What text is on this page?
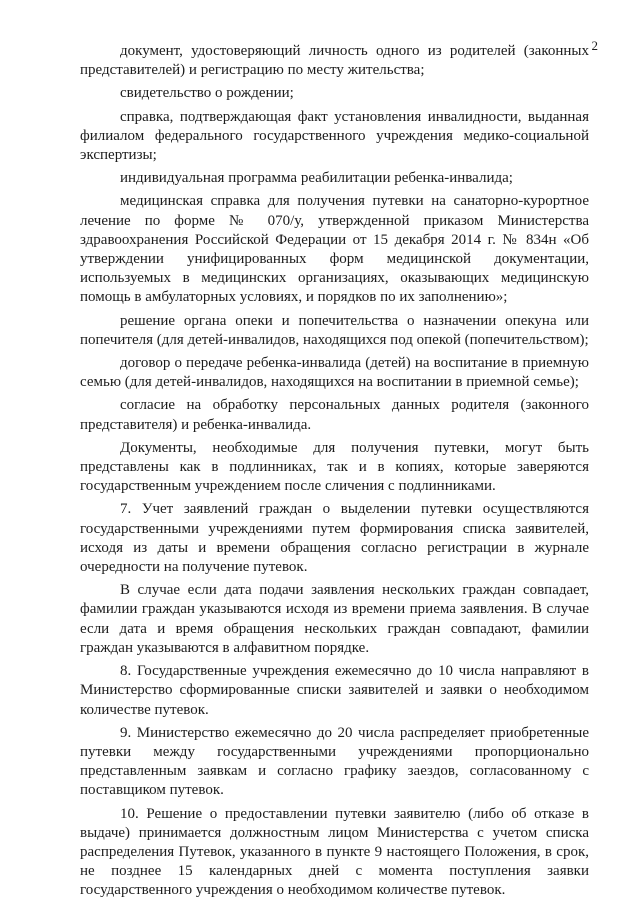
2

документ, удостоверяющий личность одного из родителей (законных представителей) и регистрацию по месту жительства;

свидетельство о рождении;

справка, подтверждающая факт установления инвалидности, выданная филиалом федерального государственного учреждения медико-социальной экспертизы;

индивидуальная программа реабилитации ребенка-инвалида;

медицинская справка для получения путевки на санаторно-курортное лечение по форме № 070/у, утвержденной приказом Министерства здравоохранения Российской Федерации от 15 декабря 2014 г. № 834н «Об утверждении унифицированных форм медицинской документации, используемых в медицинских организациях, оказывающих медицинскую помощь в амбулаторных условиях, и порядков по их заполнению»;

решение органа опеки и попечительства о назначении опекуна или попечителя (для детей-инвалидов, находящихся под опекой (попечительством);

договор о передаче ребенка-инвалида (детей) на воспитание в приемную семью (для детей-инвалидов, находящихся на воспитании в приемной семье);

согласие на обработку персональных данных родителя (законного представителя) и ребенка-инвалида.

Документы, необходимые для получения путевки, могут быть представлены как в подлинниках, так и в копиях, которые заверяются государственным учреждением после сличения с подлинниками.

7. Учет заявлений граждан о выделении путевки осуществляются государственными учреждениями путем формирования списка заявителей, исходя из даты и времени обращения согласно регистрации в журнале очередности на получение путевок.

В случае если дата подачи заявления нескольких граждан совпадает, фамилии граждан указываются исходя из времени приема заявления. В случае если дата и время обращения нескольких граждан совпадают, фамилии граждан указываются в алфавитном порядке.

8. Государственные учреждения ежемесячно до 10 числа направляют в Министерство сформированные списки заявителей и заявки о необходимом количестве путевок.

9. Министерство ежемесячно до 20 числа распределяет приобретенные путевки между государственными учреждениями пропорционально представленным заявкам и согласно графику заездов, согласованному с поставщиком путевок.

10. Решение о предоставлении путевки заявителю (либо об отказе в выдаче) принимается должностным лицом Министерства с учетом списка распределения Путевок, указанного в пункте 9 настоящего Положения, в срок, не позднее 15 календарных дней с момента поступления заявки государственного учреждения о необходимом количестве путевок.
